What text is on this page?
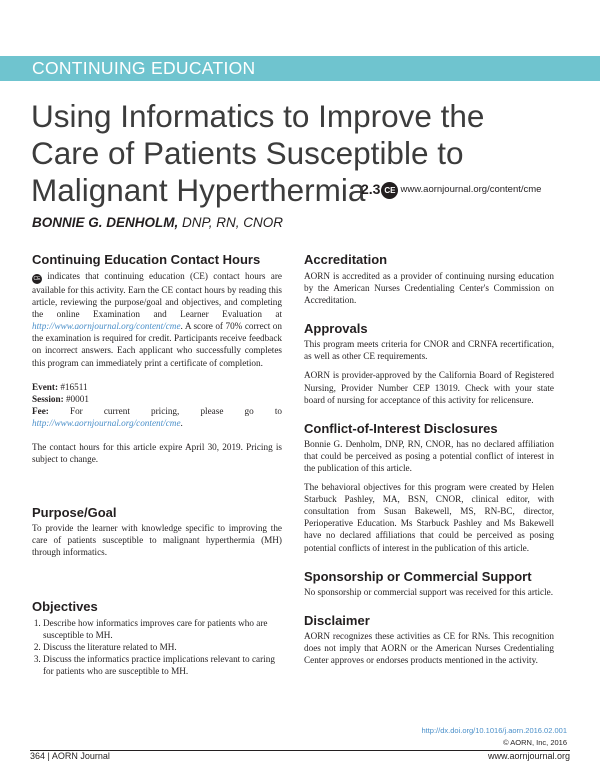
CONTINUING EDUCATION
Using Informatics to Improve the
Care of Patients Susceptible to
Malignant Hyperthermia
2.3 CE www.aornjournal.org/content/cme
BONNIE G. DENHOLM, DNP, RN, CNOR
Continuing Education Contact Hours

CE indicates that continuing education (CE) contact hours are available for this activity. Earn the CE contact hours by reading this article, reviewing the purpose/goal and objectives, and completing the online Examination and Learner Evaluation at http://www.aornjournal.org/content/cme. A score of 70% correct on the examination is required for credit. Participants receive feedback on incorrect answers. Each applicant who successfully completes this program can immediately print a certificate of completion.

Event: #16511

Session: #0001

Fee: For current pricing, please go to http://www.aornjournal.org/content/cme.

The contact hours for this article expire April 30, 2019. Pricing is subject to change.

Purpose/Goal

To provide the learner with knowledge specific to improving the care of patients susceptible to malignant hyperthermia (MH) through informatics.

Objectives
1. Describe how informatics improves care for patients who are susceptible to MH.
2. Discuss the literature related to MH.
3. Discuss the informatics practice implications relevant to caring for patients who are susceptible to MH.
Accreditation

AORN is accredited as a provider of continuing nursing education by the American Nurses Credentialing Center's Commission on Accreditation.

Approvals

This program meets criteria for CNOR and CRNFA recertification, as well as other CE requirements.

AORN is provider-approved by the California Board of Registered Nursing, Provider Number CEP 13019. Check with your state board of nursing for acceptance of this activity for relicensure.

Conflict-of-Interest Disclosures

Bonnie G. Denholm, DNP, RN, CNOR, has no declared affiliation that could be perceived as posing a potential conflict of interest in the publication of this article.

The behavioral objectives for this program were created by Helen Starbuck Pashley, MA, BSN, CNOR, clinical editor, with consultation from Susan Bakewell, MS, RN-BC, director, Perioperative Education. Ms Starbuck Pashley and Ms Bakewell have no declared affiliations that could be perceived as posing potential conflicts of interest in the publication of this article.

Sponsorship or Commercial Support

No sponsorship or commercial support was received for this article.

Disclaimer

AORN recognizes these activities as CE for RNs. This recognition does not imply that AORN or the American Nurses Credentialing Center approves or endorses products mentioned in the activity.

http://dx.doi.org/10.1016/j.aorn.2016.02.001
© AORN, Inc, 2016
364 | AORN Journal	www.aornjournal.org
